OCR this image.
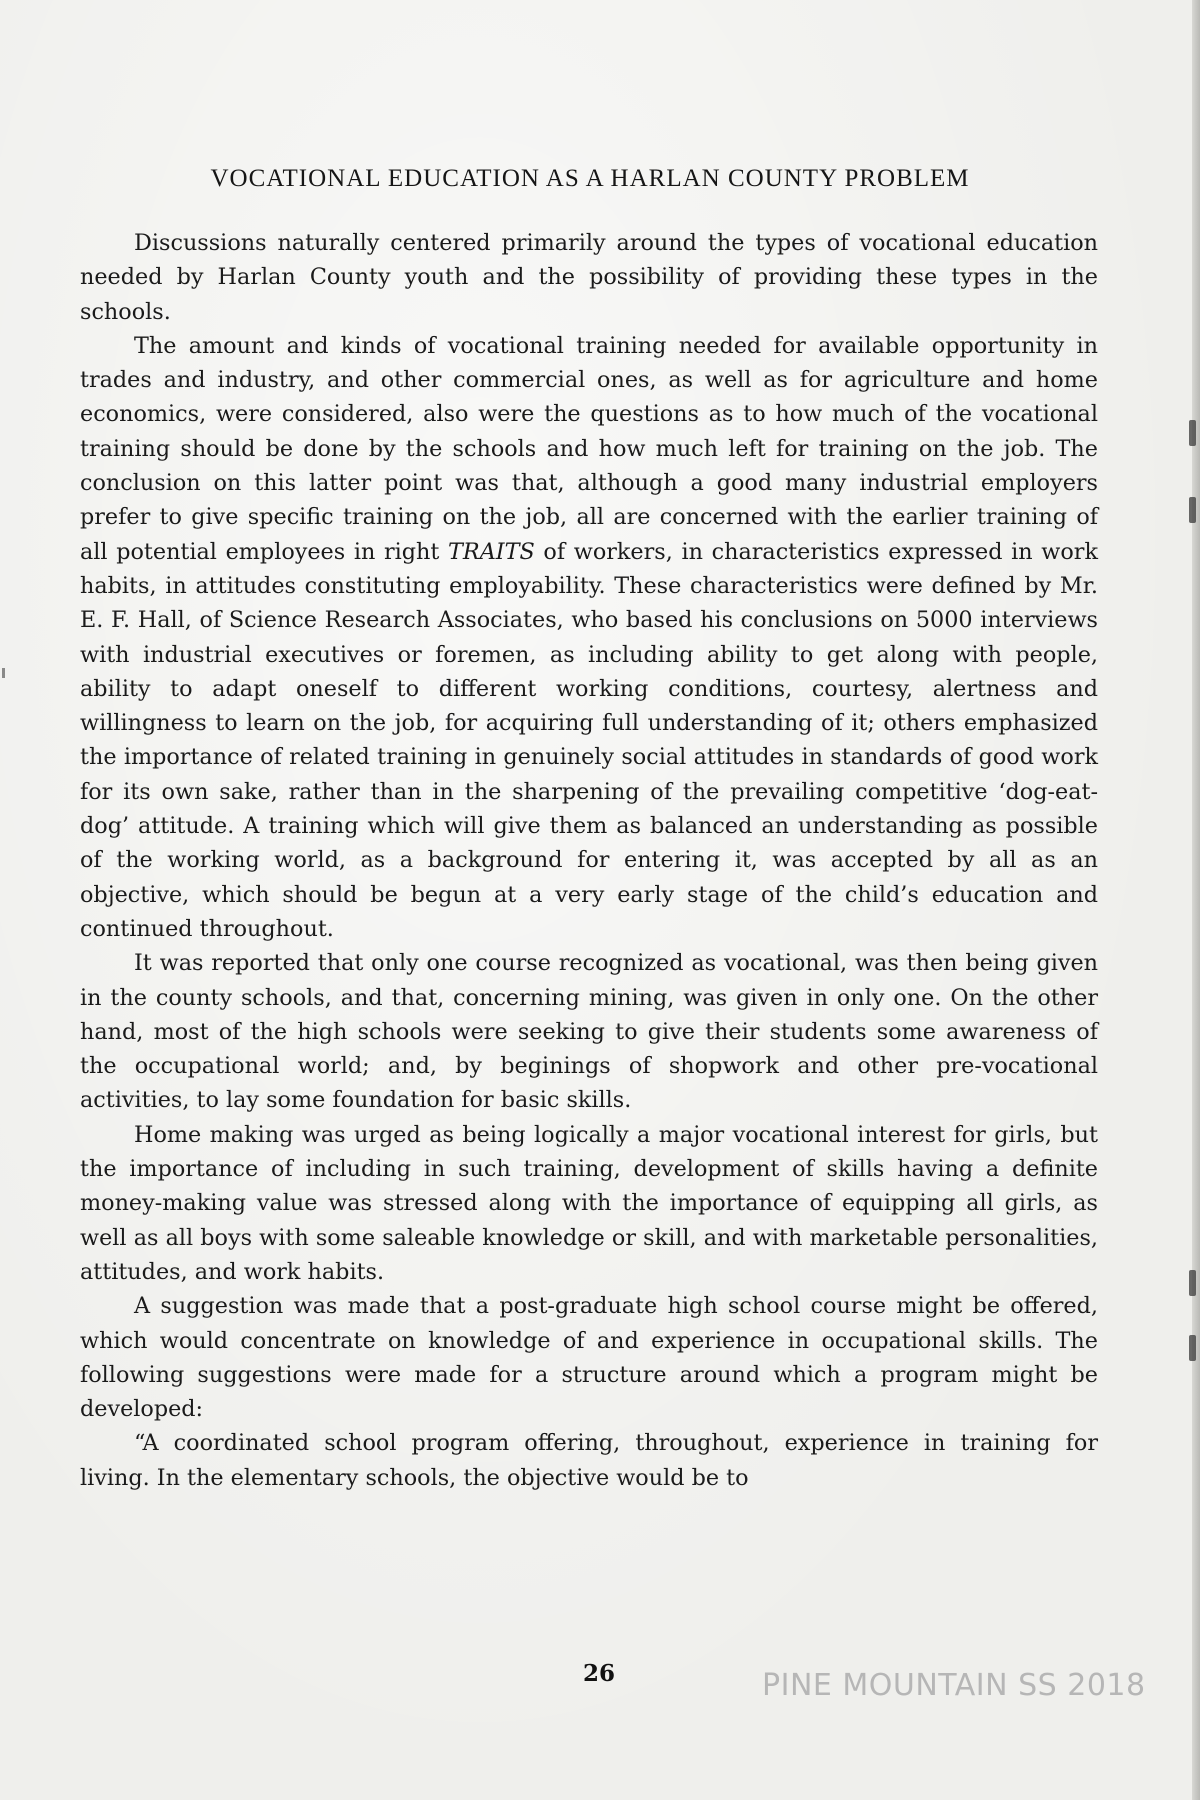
VOCATIONAL EDUCATION AS A HARLAN COUNTY PROBLEM

Discussions naturally centered primarily around the types of vocational education needed by Harlan County youth and the possibility of providing these types in the schools.

The amount and kinds of vocational training needed for available opportunity in trades and industry, and other commercial ones, as well as for agriculture and home economics, were considered, also were the questions as to how much of the vocational training should be done by the schools and how much left for training on the job. The conclusion on this latter point was that, although a good many industrial employers prefer to give specific training on the job, all are concerned with the earlier training of all potential employees in right TRAITS of workers, in characteristics expressed in work habits, in attitudes constituting employability. These characteristics were defined by Mr. E. F. Hall, of Science Research Associates, who based his conclusions on 5000 interviews with industrial executives or foremen, as including ability to get along with people, ability to adapt oneself to different working conditions, courtesy, alertness and willingness to learn on the job, for acquiring full understanding of it; others emphasized the importance of related training in genuinely social attitudes in standards of good work for its own sake, rather than in the sharpening of the prevailing competitive ‘dog-eat-dog’ attitude. A training which will give them as balanced an understanding as possible of the working world, as a background for entering it, was accepted by all as an objective, which should be begun at a very early stage of the child’s education and continued throughout.

It was reported that only one course recognized as vocational, was then being given in the county schools, and that, concerning mining, was given in only one. On the other hand, most of the high schools were seeking to give their students some awareness of the occupational world; and, by beginings of shopwork and other pre-vocational activities, to lay some foundation for basic skills.

Home making was urged as being logically a major vocational interest for girls, but the importance of including in such training, development of skills having a definite money-making value was stressed along with the importance of equipping all girls, as well as all boys with some saleable knowledge or skill, and with marketable personalities, attitudes, and work habits.

A suggestion was made that a post-graduate high school course might be offered, which would concentrate on knowledge of and experience in occupational skills. The following suggestions were made for a structure around which a program might be developed:

“A coordinated school program offering, throughout, experience in training for living. In the elementary schools, the objective would be to

26	PINE MOUNTAIN SS 2018
